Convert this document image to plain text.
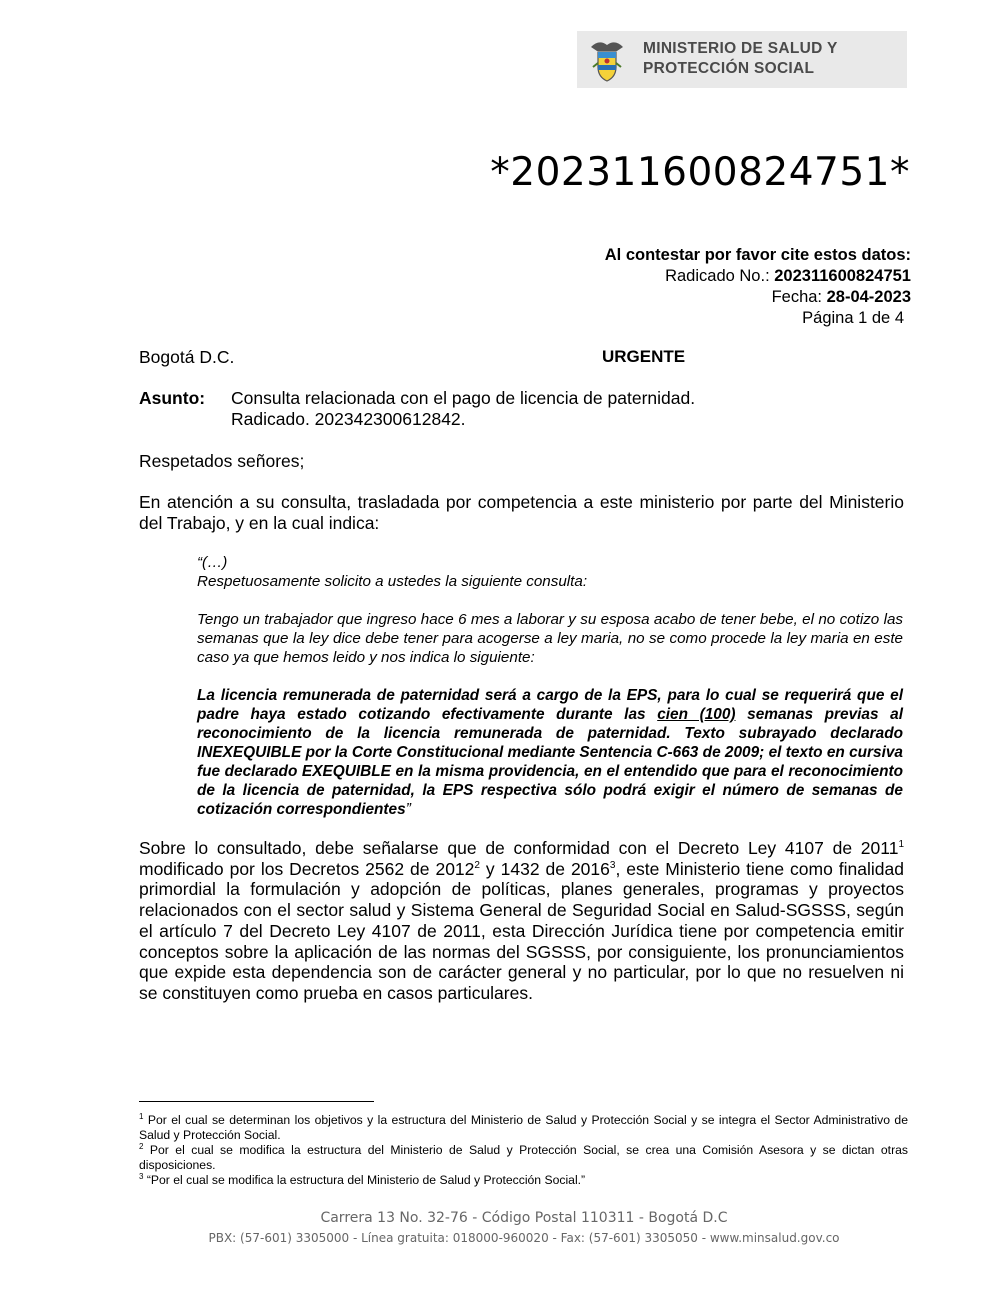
MINISTERIO DE SALUD Y
PROTECCIÓN SOCIAL
*202311600824751*
Al contestar por favor cite estos datos:
Radicado No.: 202311600824751
Fecha: 28-04-2023
Página 1 de 4
Bogotá D.C.	URGENTE
Asunto: Consulta relacionada con el pago de licencia de paternidad.
Radicado. 202342300612842.
Respetados señores;
En atención a su consulta, trasladada por competencia a este ministerio por parte del Ministerio del Trabajo, y en la cual indica:
“(…)
Respetuosamente solicito a ustedes la siguiente consulta:
Tengo un trabajador que ingreso hace 6 mes a laborar y su esposa acabo de tener bebe, el no cotizo las semanas que la ley dice debe tener para acogerse a ley maria, no se como procede la ley maria en este caso ya que hemos leido y nos indica lo siguiente:
La licencia remunerada de paternidad será a cargo de la EPS, para lo cual se requerirá que el padre haya estado cotizando efectivamente durante las cien (100) semanas previas al reconocimiento de la licencia remunerada de paternidad. Texto subrayado declarado INEXEQUIBLE por la Corte Constitucional mediante Sentencia C-663 de 2009; el texto en cursiva fue declarado EXEQUIBLE en la misma providencia, en el entendido que para el reconocimiento de la licencia de paternidad, la EPS respectiva sólo podrá exigir el número de semanas de cotización correspondientes”
Sobre lo consultado, debe señalarse que de conformidad con el Decreto Ley 4107 de 2011$^1$ modificado por los Decretos 2562 de 2012$^2$ y 1432 de 2016$^3$, este Ministerio tiene como finalidad primordial la formulación y adopción de políticas, planes generales, programas y proyectos relacionados con el sector salud y Sistema General de Seguridad Social en Salud-SGSSS, según el artículo 7 del Decreto Ley 4107 de 2011, esta Dirección Jurídica tiene por competencia emitir conceptos sobre la aplicación de las normas del SGSSS, por consiguiente, los pronunciamientos que expide esta dependencia son de carácter general y no particular, por lo que no resuelven ni se constituyen como prueba en casos particulares.
$^1$ Por el cual se determinan los objetivos y la estructura del Ministerio de Salud y Protección Social y se integra el Sector Administrativo de Salud y Protección Social.
$^2$ Por el cual se modifica la estructura del Ministerio de Salud y Protección Social, se crea una Comisión Asesora y se dictan otras disposiciones.
$^3$ “Por el cual se modifica la estructura del Ministerio de Salud y Protección Social.”
Carrera 13 No. 32-76 - Código Postal 110311 - Bogotá D.C
PBX: (57-601) 3305000 - Línea gratuita: 018000-960020 - Fax: (57-601) 3305050 - www.minsalud.gov.co
